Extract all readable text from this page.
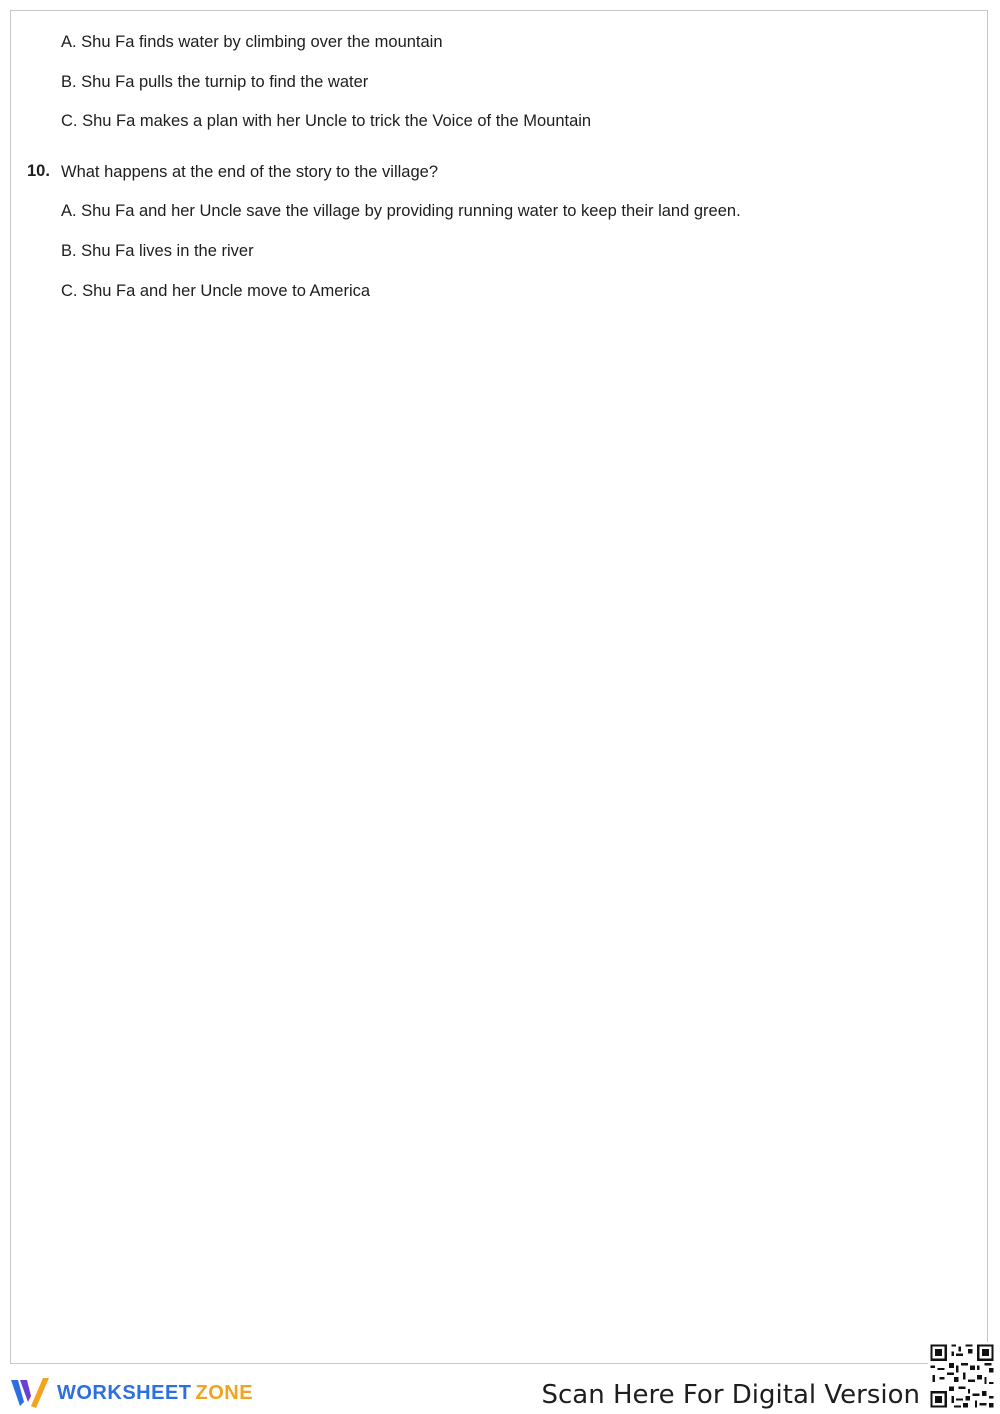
A. Shu Fa finds water by climbing over the mountain
B. Shu Fa pulls the turnip to find the water
C. Shu Fa makes a plan with her Uncle to trick the Voice of the Mountain
10. What happens at the end of the story to the village?
A. Shu Fa and her Uncle save the village by providing running water to keep their land green.
B. Shu Fa lives in the river
C. Shu Fa and her Uncle move to America
WORKSHEET ZONE	Scan Here For Digital Version
